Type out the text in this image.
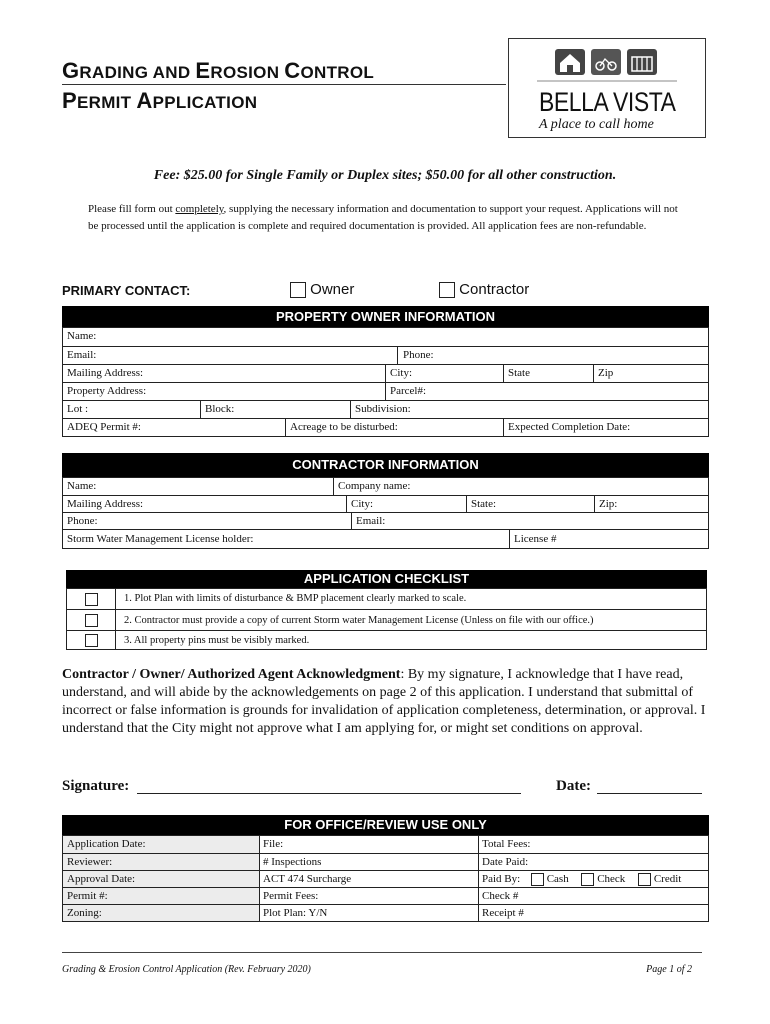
GRADING AND EROSION CONTROL
PERMIT APPLICATION	BELLA VISTA
A place to call home
Fee: $25.00 for Single Family or Duplex sites; $50.00 for all other construction.
Please fill form out completely, supplying the necessary information and documentation to support your request. Applications will not be processed until the application is complete and required documentation is provided. All application fees are non-refundable.
PRIMARY CONTACT:	Owner	Contractor
PROPERTY OWNER INFORMATION
Name:
Email:	Phone:
Mailing Address:	City:	State	Zip
Property Address:	Parcel#:
Lot :	Block:	Subdivision:
ADEQ Permit #:	Acreage to be disturbed:	Expected Completion Date:
CONTRACTOR INFORMATION
Name:	Company name:
Mailing Address:	City:	State:	Zip:
Phone:	Email:
Storm Water Management License holder:	License #
APPLICATION CHECKLIST
1. Plot Plan with limits of disturbance & BMP placement clearly marked to scale.
2. Contractor must provide a copy of current Storm water Management License (Unless on file with our office.)
3. All property pins must be visibly marked.
Contractor / Owner/ Authorized Agent Acknowledgment: By my signature, I acknowledge that I have read, understand, and will abide by the acknowledgements on page 2 of this application. I understand that submittal of incorrect or false information is grounds for invalidation of application completeness, determination, or approval. I understand that the City might not approve what I am applying for, or might set conditions on approval.
Signature:	Date:
FOR OFFICE/REVIEW USE ONLY
Application Date:	File:	Total Fees:
Reviewer:	# Inspections	Date Paid:
Approval Date:	ACT 474 Surcharge	Paid By: Cash	Check	Credit
Permit #:	Permit Fees:	Check #
Zoning:	Plot Plan: Y/N	Receipt #
Grading & Erosion Control Application (Rev. February 2020)	Page 1 of 2
